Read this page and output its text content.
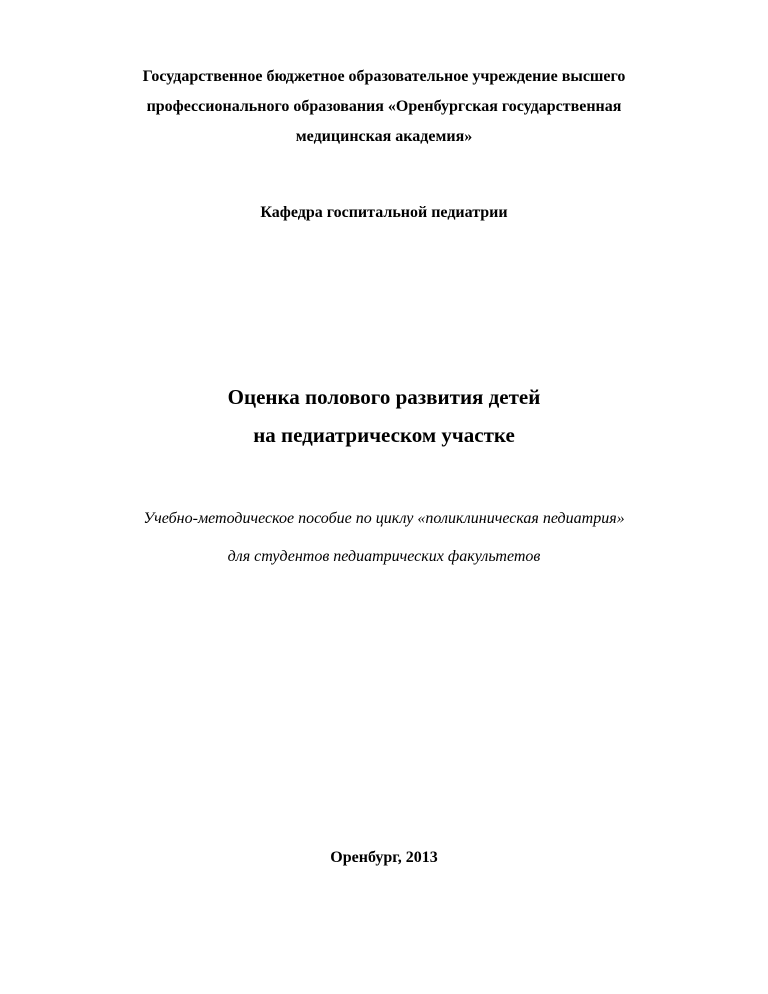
Государственное бюджетное образовательное учреждение высшего
профессионального образования «Оренбургская государственная
медицинская академия»
Кафедра госпитальной педиатрии
Оценка полового развития детей
на педиатрическом участке
Учебно-методическое пособие по циклу «поликлиническая педиатрия»
для студентов педиатрических факультетов
Оренбург, 2013
